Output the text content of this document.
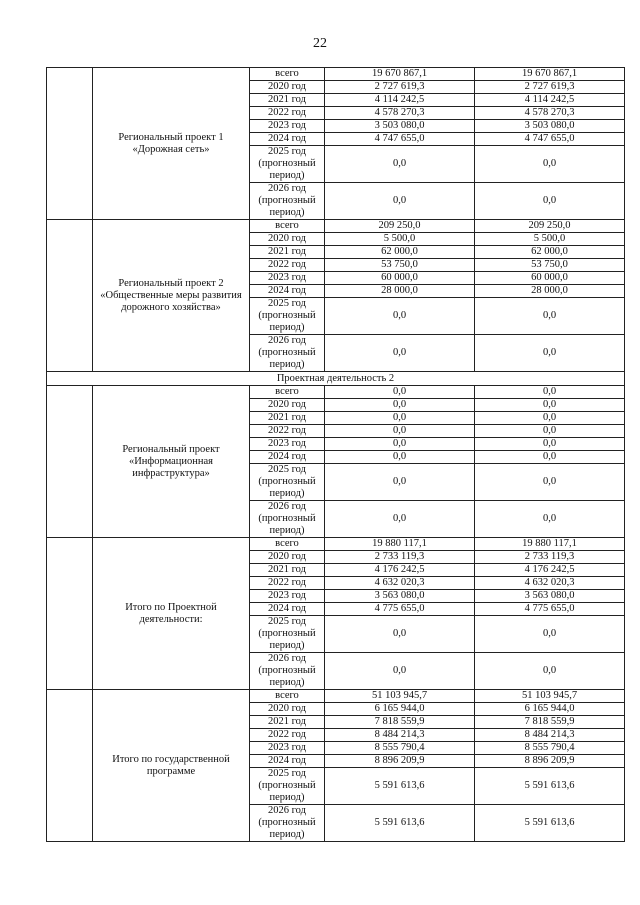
22
	Региональный проект 1 «Дорожная сеть»	всего	19 670 867,1	19 670 867,1
		2020 год	2 727 619,3	2 727 619,3
		2021 год	4 114 242,5	4 114 242,5
		2022 год	4 578 270,3	4 578 270,3
		2023 год	3 503 080,0	3 503 080,0
		2024 год	4 747 655,0	4 747 655,0
		2025 год (прогнозный период)	0,0	0,0
		2026 год (прогнозный период)	0,0	0,0
	Региональный проект 2 «Общественные меры развития дорожного хозяйства»	всего	209 250,0	209 250,0
		2020 год	5 500,0	5 500,0
		2021 год	62 000,0	62 000,0
		2022 год	53 750,0	53 750,0
		2023 год	60 000,0	60 000,0
		2024 год	28 000,0	28 000,0
		2025 год (прогнозный период)	0,0	0,0
		2026 год (прогнозный период)	0,0	0,0
Проектная деятельность 2				
	Региональный проект «Информационная инфраструктура»	всего	0,0	0,0
		2020 год	0,0	0,0
		2021 год	0,0	0,0
		2022 год	0,0	0,0
		2023 год	0,0	0,0
		2024 год	0,0	0,0
		2025 год (прогнозный период)	0,0	0,0
		2026 год (прогнозный период)	0,0	0,0
	Итого по Проектной деятельности:	всего	19 880 117,1	19 880 117,1
		2020 год	2 733 119,3	2 733 119,3
		2021 год	4 176 242,5	4 176 242,5
		2022 год	4 632 020,3	4 632 020,3
		2023 год	3 563 080,0	3 563 080,0
		2024 год	4 775 655,0	4 775 655,0
		2025 год (прогнозный период)	0,0	0,0
		2026 год (прогнозный период)	0,0	0,0
	Итого по государственной программе	всего	51 103 945,7	51 103 945,7
		2020 год	6 165 944,0	6 165 944,0
		2021 год	7 818 559,9	7 818 559,9
		2022 год	8 484 214,3	8 484 214,3
		2023 год	8 555 790,4	8 555 790,4
		2024 год	8 896 209,9	8 896 209,9
		2025 год (прогнозный период)	5 591 613,6	5 591 613,6
		2026 год (прогнозный период)	5 591 613,6	5 591 613,6
